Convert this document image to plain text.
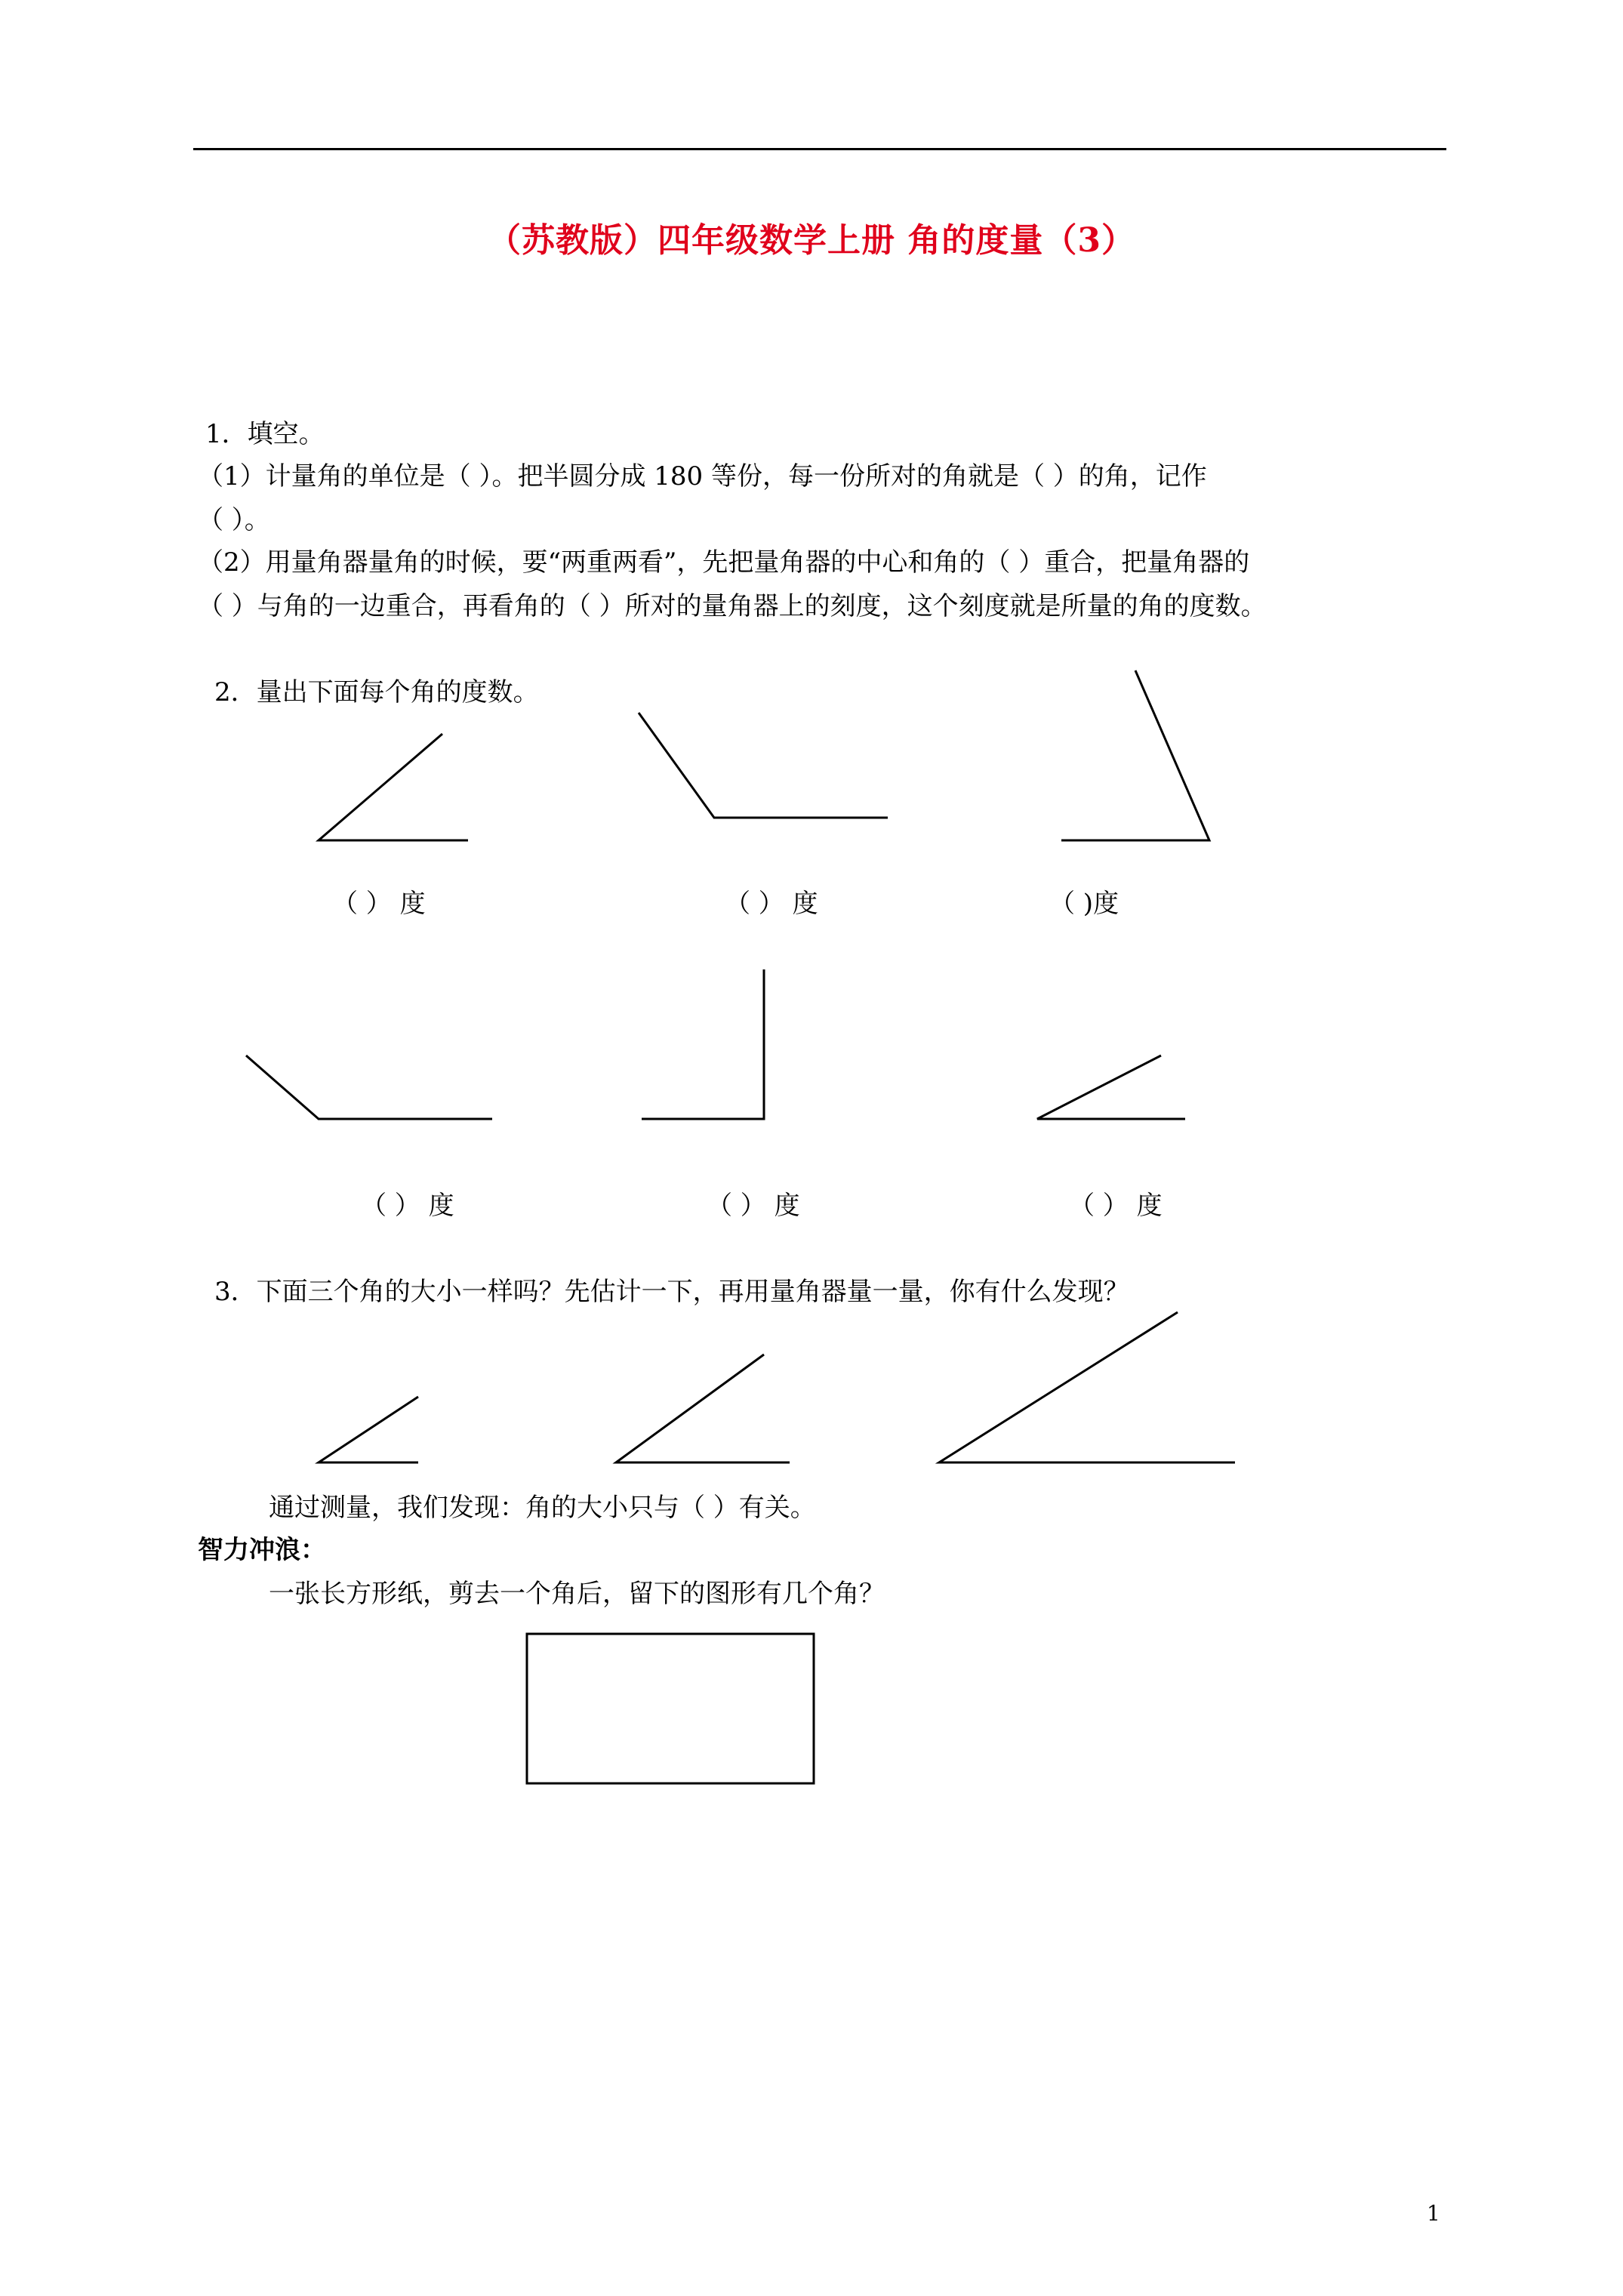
（苏教版）四年级数学上册 角的度量（3）
1．填空。
（1）计量角的单位是（ ）。把半圆分成 180 等份，每一份所对的角就是（ ）的角，记作
（ ）。
（2）用量角器量角的时候，要“两重两看”，先把量角器的中心和角的（ ）重合，把量角器的
（ ）与角的一边重合，再看角的（ ）所对的量角器上的刻度，这个刻度就是所量的角的度数。
2．量出下面每个角的度数。
（ ） 度	（ ） 度	（ )度
（ ） 度	（ ） 度	（ ） 度
3．下面三个角的大小一样吗？先估计一下，再用量角器量一量，你有什么发现？
通过测量，我们发现：角的大小只与（ ）有关。
智力冲浪：
一张长方形纸，剪去一个角后，留下的图形有几个角？
1
